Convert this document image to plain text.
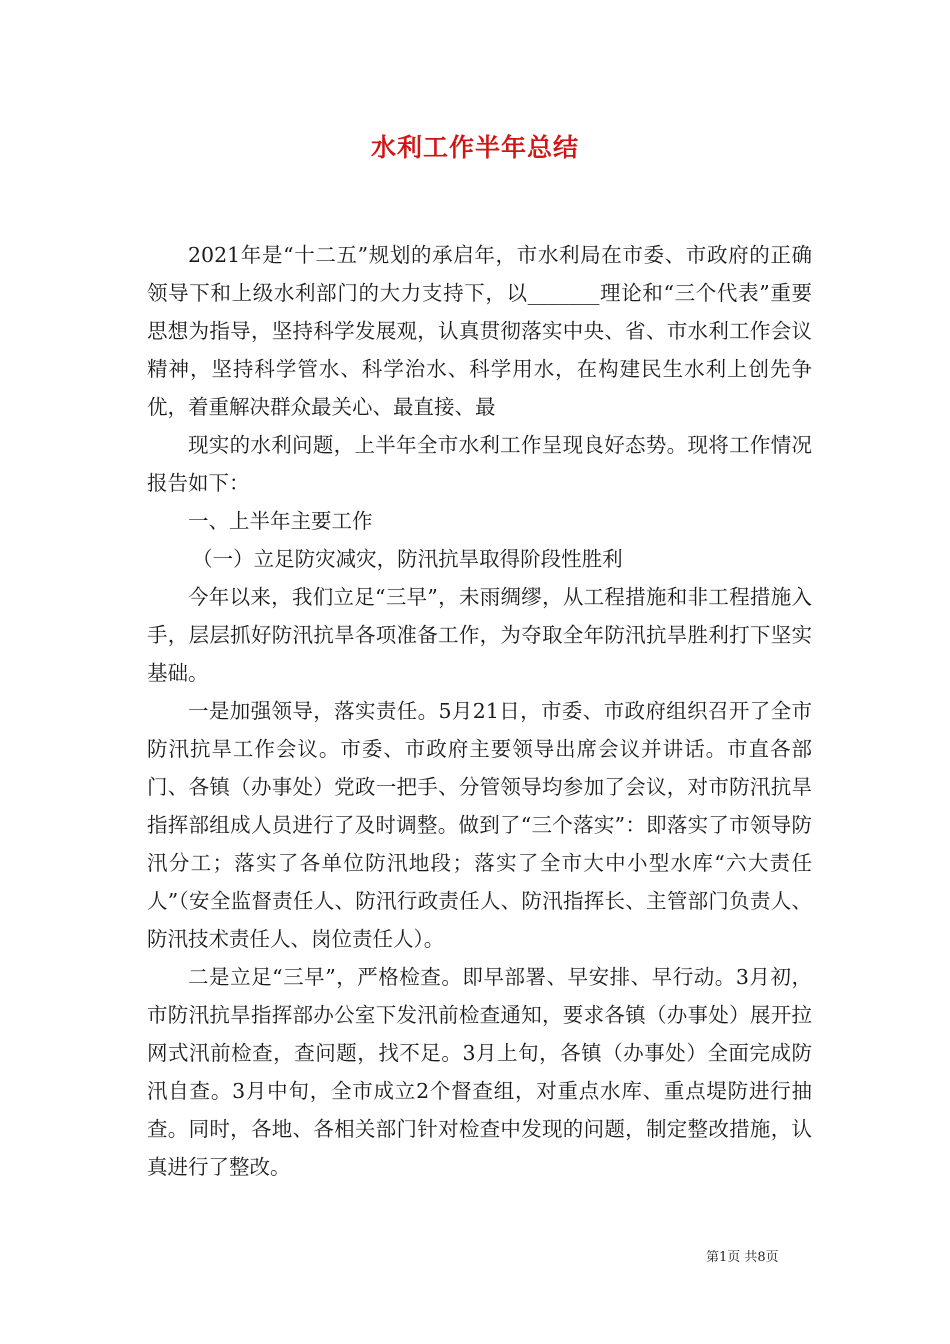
水利工作半年总结

2021年是“十二五”规划的承启年，市水利局在市委、市政府的正确领导下和上级水利部门的大力支持下，以_______理论和“三个代表”重要思想为指导，坚持科学发展观，认真贯彻落实中央、省、市水利工作会议精神，坚持科学管水、科学治水、科学用水，在构建民生水利上创先争优，着重解决群众最关心、最直接、最

现实的水利问题，上半年全市水利工作呈现良好态势。现将工作情况报告如下：

一、上半年主要工作

（一）立足防灾减灾，防汛抗旱取得阶段性胜利

今年以来，我们立足“三早”，未雨绸缪，从工程措施和非工程措施入手，层层抓好防汛抗旱各项准备工作，为夺取全年防汛抗旱胜利打下坚实基础。

一是加强领导，落实责任。5月21日，市委、市政府组织召开了全市防汛抗旱工作会议。市委、市政府主要领导出席会议并讲话。市直各部门、各镇（办事处）党政一把手、分管领导均参加了会议，对市防汛抗旱指挥部组成人员进行了及时调整。做到了“三个落实”：即落实了市领导防汛分工；落实了各单位防汛地段；落实了全市大中小型水库“六大责任人”（安全监督责任人、防汛行政责任人、防汛指挥长、主管部门负责人、防汛技术责任人、岗位责任人）。

二是立足“三早”，严格检查。即早部署、早安排、早行动。3月初，市防汛抗旱指挥部办公室下发汛前检查通知，要求各镇（办事处）展开拉网式汛前检查，查问题，找不足。3月上旬，各镇（办事处）全面完成防汛自查。3月中旬，全市成立2个督查组，对重点水库、重点堤防进行抽查。同时，各地、各相关部门针对检查中发现的问题，制定整改措施，认真进行了整改。

第1页 共8页
